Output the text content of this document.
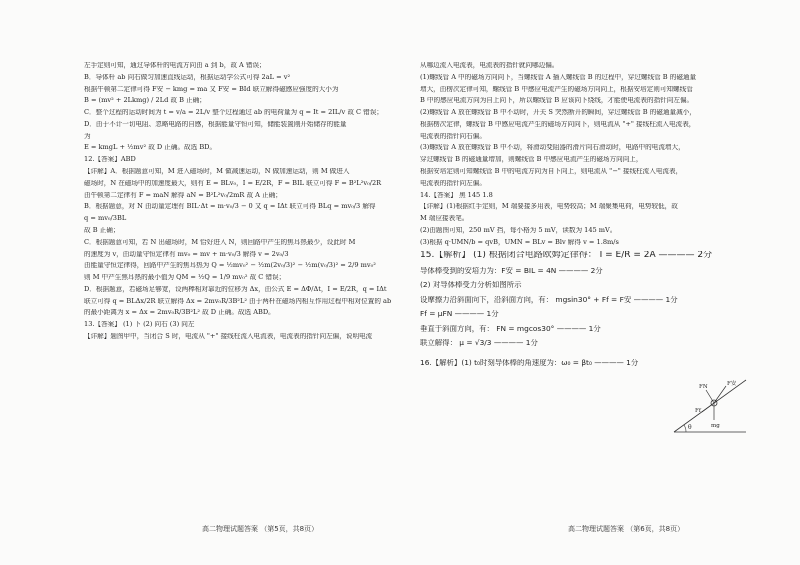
左手定则可知，通过导体杆的电流方向由 a 到 b，故 A 错误；
B．导体杆 ab 向右做匀加速直线运动，根据运动学公式可得 2aL = v²
根据牛顿第二定律可得 F安 − kmg = ma 又 F安 = BId 联立解得磁感应强度的大小为
B = (mv² + 2Lkmg) / 2Ld 故 B 正确；
C．整个过程的运动时间为 t = v/a = 2L/v 整个过程通过 ab 的电荷量为 q = It = 2IL/v 故 C 错误；
D．由于不计一切电阻、忽略电路的自感，根据能量守恒可知，储能装置刚开始储存的能量
为
E = kmgL + ½mv² 故 D 正确。故选 BD。
12.【答案】ABD
【详解】A．根据题意可知，M 进入磁场时，M 做减速运动，N 做加速运动，则 M 做进入
磁场时，N 在磁场中的加速度最大，则有 E = BLv₀，I = E/2R，F = BIL 联立可得 F = B²L²v₀/2R
由牛顿第二定律有 F = maN 解得 aN = B²L²v₀/2mR 故 A 正确；
B．根据题意，对 N 由动量定理有 B̄IL·Δt = m·v₀/3 − 0 又 q = ĪΔt 联立可得 BLq = mv₀/3 解得
q = mv₀/3BL
故 B 正确；
C．根据题意可知，若 N 出磁场时，M 恰好进入 N，则回路中产生的焦耳热最少，设此时 M
的速度为 v，由动量守恒定律有 mv₀ = mv + m·v₀/3 解得 v = 2v₀/3
由能量守恒定律得，回路中产生的焦耳热为 Q = ½mv₀² − ½m(2v₀/3)² − ½m(v₀/3)² = 2/9 mv₀²
则 M 中产生焦耳热的最小值为 QM = ½Q = 1/9 mv₀² 故 C 错误；
D．根据题意，若磁场足够宽，设两棒相对靠近的位移为 Δx，由公式 Ē = ΔΦ/Δt，Ī = Ē/2R，q = ĪΔt
联立可得 q = BLΔx/2R 联立解得 Δx = 2mv₀R/3B²L² 由于两杆在磁场内相互作用过程中相对位置的 ab
的最小距离为 x = Δx = 2mv₀R/3B²L² 故 D 正确。故选 ABD。
13.【答案】 (1) 下 (2) 向右 (3) 向左
【详解】题图甲中，当闭合 S 时，电流从 "+" 接线柱流入电流表，电流表的指针向左偏，说明电流
从哪边流入电流表，电流表的指针就向哪边偏。
(1)螺线管 A 中的磁场方向向下，当螺线管 A 插入螺线管 B 的过程中，穿过螺线管 B 的磁通量
增大，由楞次定律可知，螺线管 B 中感应电流产生的磁场方向向上，根据安培定则可知螺线管
B 中的感应电流方向为自上向下，所以螺线管 B 应该向下绕线，才能使电流表的指针向左偏。
(2)螺线管 A 放在螺线管 B 中不动时，开关 S 突然断开的瞬间，穿过螺线管 B 的磁通量减小，
根据楞次定律，螺线管 B 中感应电流产生的磁场方向向下，则电流从 "+" 接线柱流入电流表，
电流表的指针向右偏。
(3)螺线管 A 放在螺线管 B 中不动，将滑动变阻器的滑片向右滑动时，电路中的电流增大，
穿过螺线管 B 的磁通量增加，则螺线管 B 中感应电流产生的磁场方向向上，
根据安培定则可知螺线管 B 中的电流方向为自下向上，则电流从 "−" 接线柱流入电流表，
电流表的指针向左偏。
14.【答案】 黑 145 1.8
【详解】(1)根据红手定则，M 端要接多用表，电势较高；M 端聚集电荷，电势较低，故
M 端应接表笔。
(2)由题图可知，250 mV 挡，每小格为 5 mV，读数为 145 mV。
(3)根据 q·UMN/b = qvB，UMN = BLv = Blv 解得 v = 1.8m/s
15.【解析】 (1) 根据闭合电路欧姆定律得： I = E/R = 2A ———— 2分
导体棒受到的安培力为：F安 = BIL = 4N ———— 2分
(2) 对导体棒受力分析如图所示
设摩擦力沿斜面向下，沿斜面方向，有： mgsin30° + Ff = F安 ———— 1分
Ff = μFN ———— 1分
垂直于斜面方向，有： FN = mgcos30° ———— 1分
联立解得： μ = √3/3 ———— 1分
16.【解析】(1) t₀时刻导体棒的角速度为：ω₀ = βt₀ ———— 1分
θ
FN	F安
Ff
mg
高二物理试题答案 （第5页，共8页）	高二物理试题答案 （第6页，共8页）
